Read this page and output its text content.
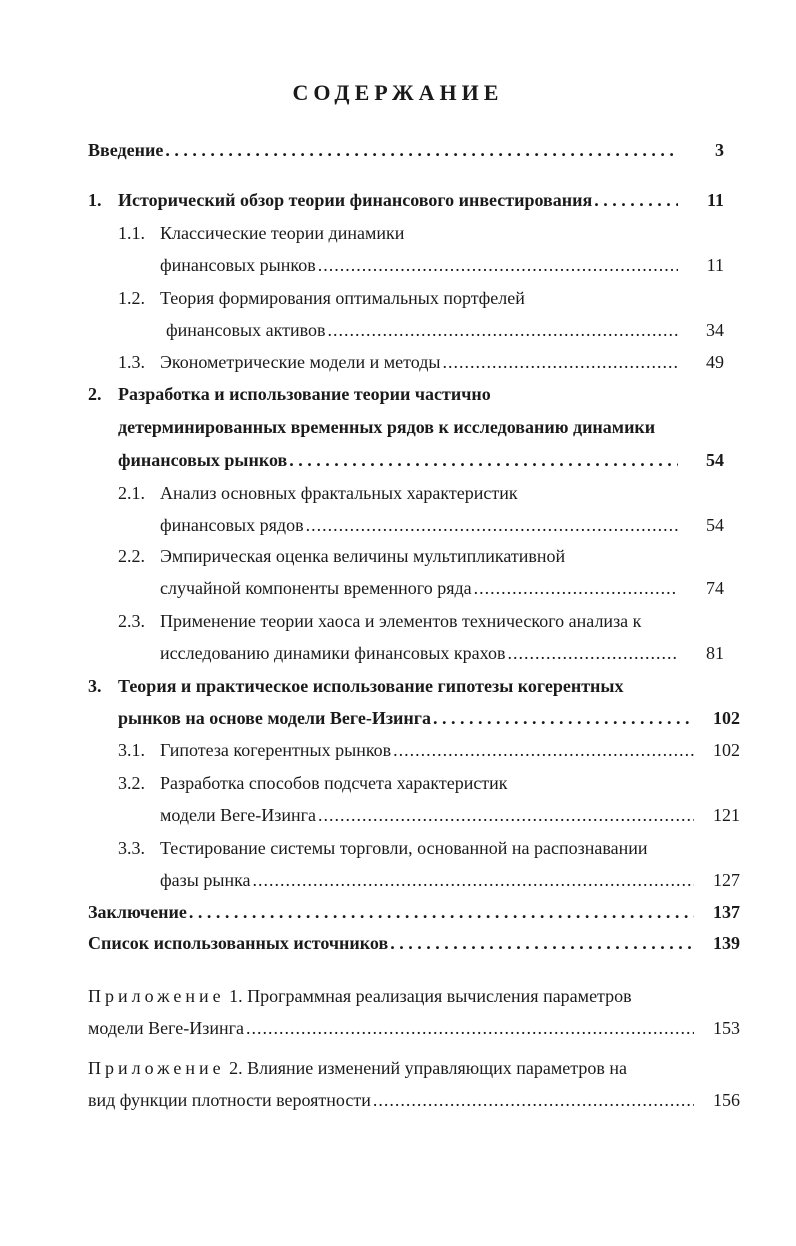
СОДЕРЖАНИЕ
Введение . . .	3
1. Исторический обзор теории финансового инвестирования . . .	11
1.1. Классические теории динамики
финансовых рынков .....	11
1.2. Теория формирования оптимальных портфелей
финансовых активов .....	34
1.3. Эконометрические модели и методы .....	49
2. Разработка и использование теории частично
детерминированных временных рядов к исследованию динамики
финансовых рынков . . .	54
2.1. Анализ основных фрактальных характеристик
финансовых рядов .....	54
2.2. Эмпирическая оценка величины мультипликативной
случайной компоненты временного ряда .....	74
2.3. Применение теории хаоса и элементов технического анализа к
исследованию динамики финансовых крахов .....	81
3. Теория и практическое использование гипотезы когерентных
рынков на основе модели Веге-Изинга . . .	102
3.1. Гипотеза когерентных рынков .....	102
3.2. Разработка способов подсчета характеристик
модели Веге-Изинга .....	121
3.3. Тестирование системы торговли, основанной на распознавании
фазы рынка .....	127
Заключение . . .	137
Список использованных источников . . .	139
Приложение 1. Программная реализация вычисления параметров
модели Веге-Изинга .....	153
Приложение 2. Влияние изменений управляющих параметров на
вид функции плотности вероятности .....	156
